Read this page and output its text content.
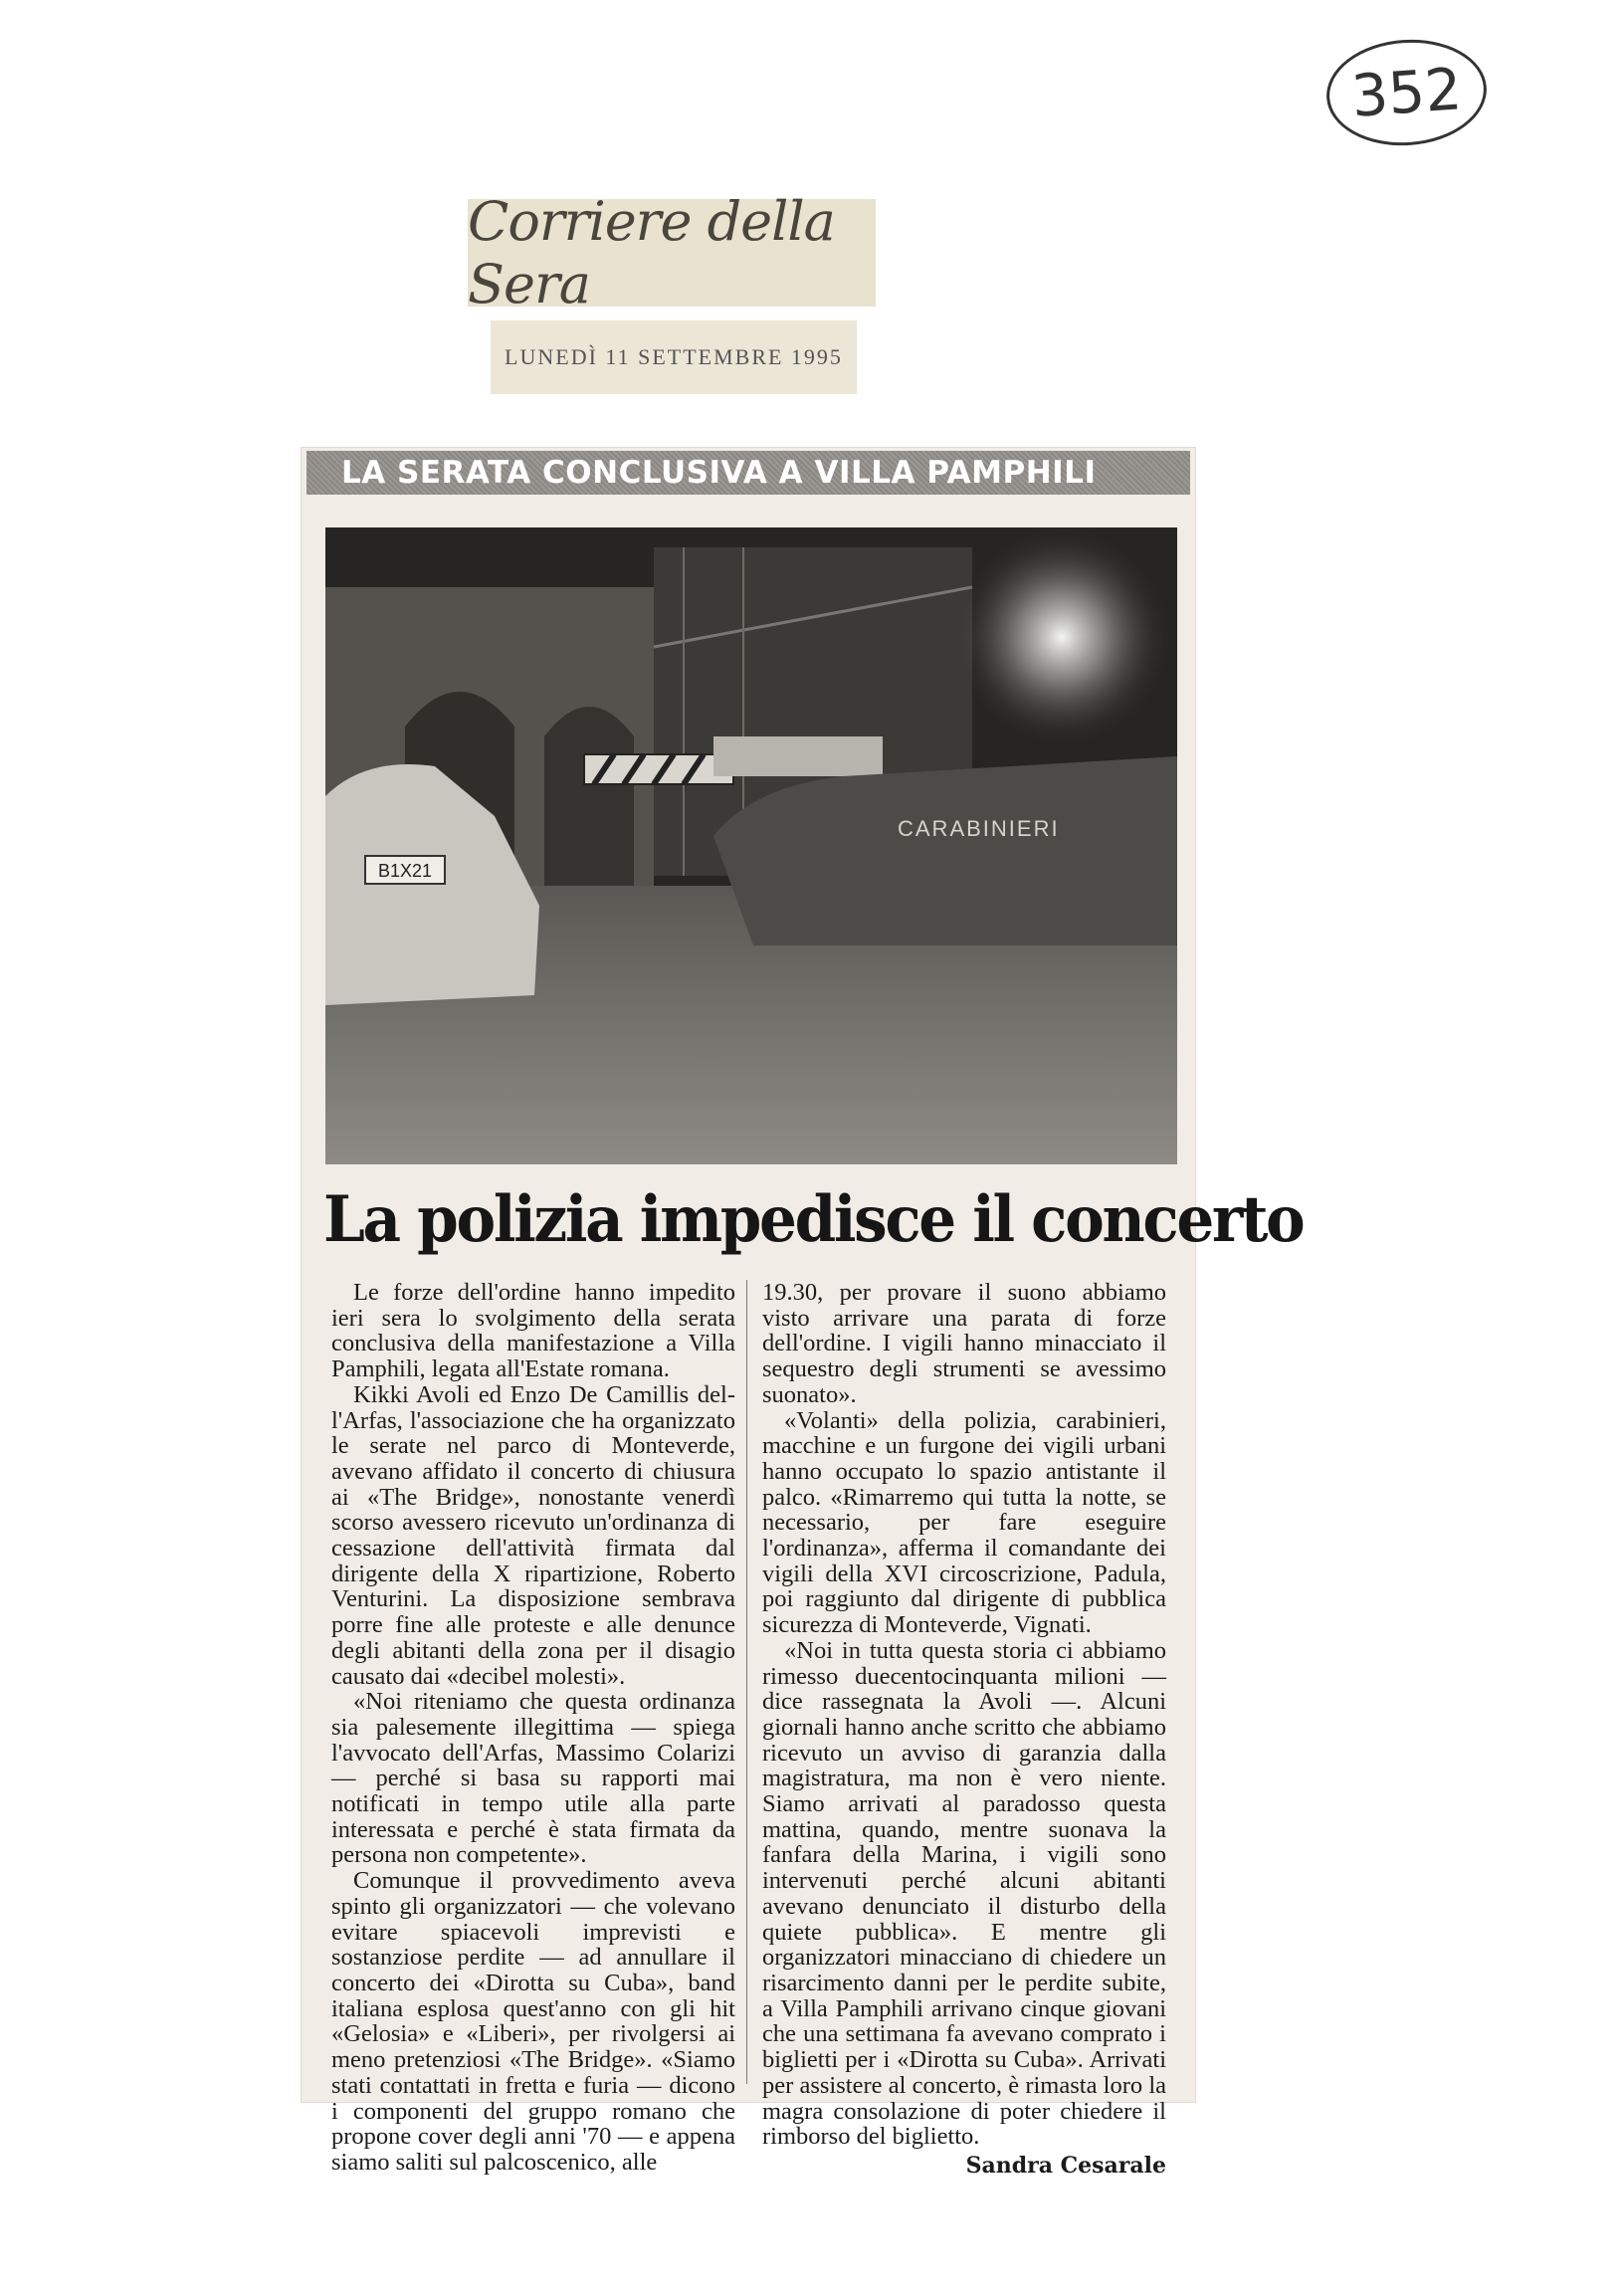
352
Corriere della Sera
LUNEDÌ 11 SETTEMBRE 1995
LA SERATA CONCLUSIVA A VILLA PAMPHILI
B1X21
CARABINIERI
La polizia impedisce il concerto

Le forze dell'ordine hanno impedito ieri sera lo svolgimento della serata conclusiva della manifestazione a Villa Pamphili, legata all'Estate romana.

Kikki Avoli ed Enzo De Camillis del-l'Arfas, l'associazione che ha organizzato le serate nel parco di Monteverde, avevano affidato il concerto di chiusura ai «The Bridge», nonostante venerdì scorso avessero ricevuto un'ordinanza di cessazione dell'attività firmata dal dirigente della X ripartizione, Roberto Venturini. La disposizione sembrava porre fine alle proteste e alle denunce degli abitanti della zona per il disagio causato dai «decibel molesti».

«Noi riteniamo che questa ordinanza sia palesemente illegittima — spiega l'avvocato dell'Arfas, Massimo Colarizi — perché si basa su rapporti mai notificati in tempo utile alla parte interessata e perché è stata firmata da persona non competente».

Comunque il provvedimento aveva spinto gli organizzatori — che volevano evitare spiacevoli imprevisti e sostanziose perdite — ad annullare il concerto dei «Dirotta su Cuba», band italiana esplosa quest'anno con gli hit «Gelosia» e «Liberi», per rivolgersi ai meno pretenziosi «The Bridge». «Siamo stati contattati in fretta e furia — dicono i componenti del gruppo romano che propone cover degli anni '70 — e appena siamo saliti sul palcoscenico, alle

19.30, per provare il suono abbiamo visto arrivare una parata di forze dell'ordine. I vigili hanno minacciato il sequestro degli strumenti se avessimo suonato».

«Volanti» della polizia, carabinieri, macchine e un furgone dei vigili urbani hanno occupato lo spazio antistante il palco. «Rimarremo qui tutta la notte, se necessario, per fare eseguire l'ordinanza», afferma il comandante dei vigili della XVI circoscrizione, Padula, poi raggiunto dal dirigente di pubblica sicurezza di Monteverde, Vignati.

«Noi in tutta questa storia ci abbiamo rimesso duecentocinquanta milioni — dice rassegnata la Avoli —. Alcuni giornali hanno anche scritto che abbiamo ricevuto un avviso di garanzia dalla magistratura, ma non è vero niente. Siamo arrivati al paradosso questa mattina, quando, mentre suonava la fanfara della Marina, i vigili sono intervenuti perché alcuni abitanti avevano denunciato il disturbo della quiete pubblica». E mentre gli organizzatori minacciano di chiedere un risarcimento danni per le perdite subite, a Villa Pamphili arrivano cinque giovani che una settimana fa avevano comprato i biglietti per i «Dirotta su Cuba». Arrivati per assistere al concerto, è rimasta loro la magra consolazione di poter chiedere il rimborso del biglietto.

Sandra Cesarale
